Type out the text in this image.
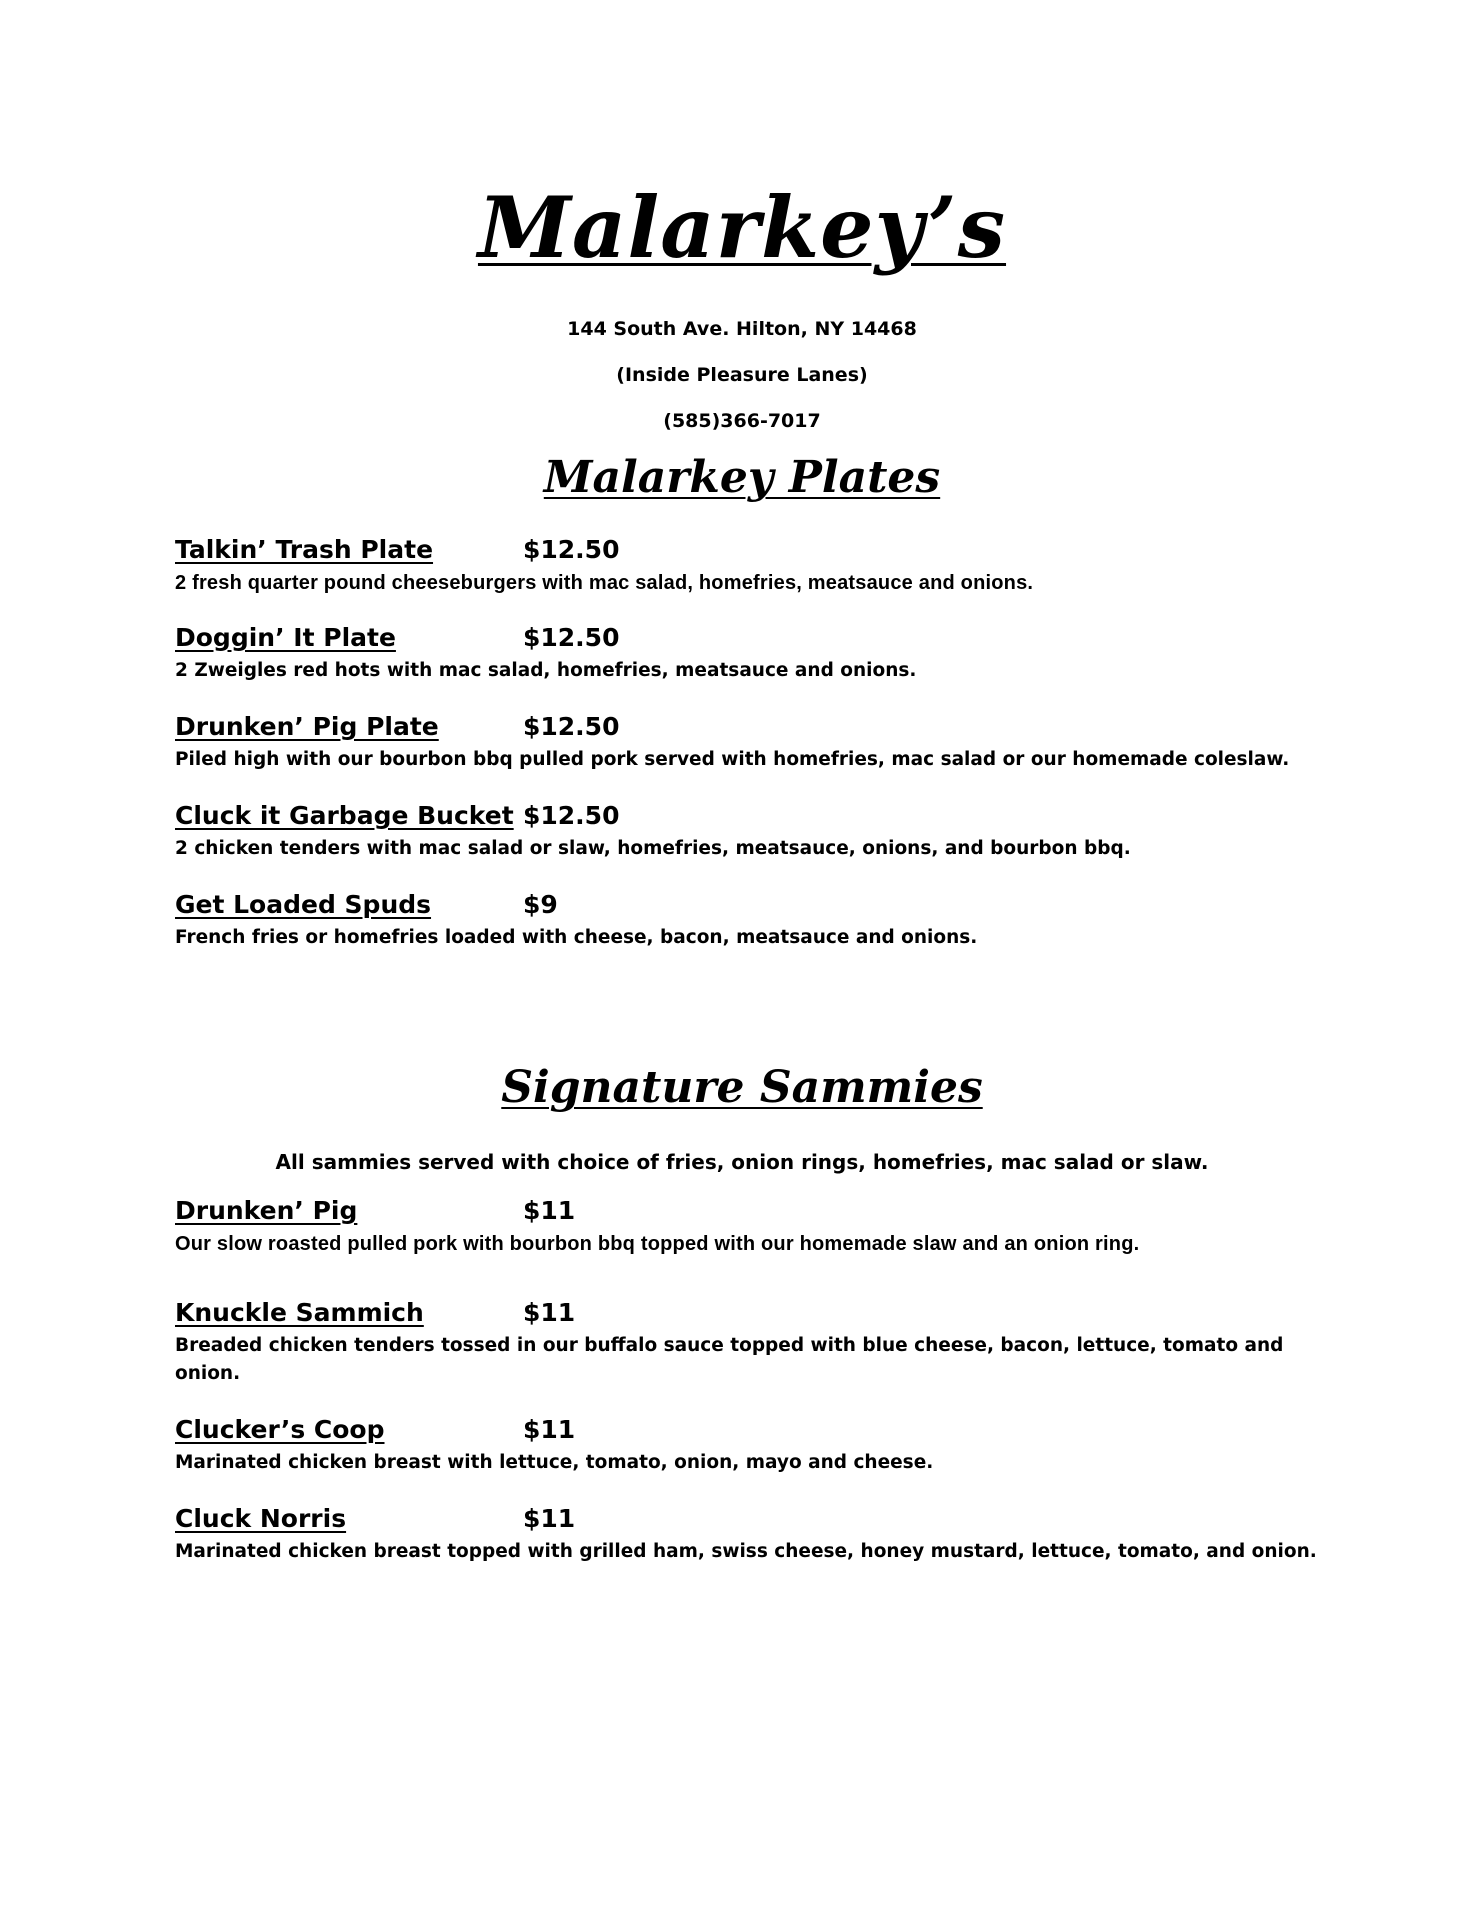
Malarkey’s

144 South Ave. Hilton, NY 14468

(Inside Pleasure Lanes)

(585)366-7017

Malarkey Plates
Talkin’ Trash Plate	$12.50
2 fresh quarter pound cheeseburgers with mac salad, homefries, meatsauce and onions.
Doggin’ It Plate	$12.50
2 Zweigles red hots with mac salad, homefries, meatsauce and onions.
Drunken’ Pig Plate	$12.50
Piled high with our bourbon bbq pulled pork served with homefries, mac salad or our homemade coleslaw.
Cluck it Garbage Bucket $12.50
2 chicken tenders with mac salad or slaw, homefries, meatsauce, onions, and bourbon bbq.
Get Loaded Spuds	$9
French fries or homefries loaded with cheese, bacon, meatsauce and onions.
Signature Sammies

All sammies served with choice of fries, onion rings, homefries, mac salad or slaw.

Drunken’ Pig	$11
Our slow roasted pulled pork with bourbon bbq topped with our homemade slaw and an onion ring.
Knuckle Sammich	$11
Breaded chicken tenders tossed in our buffalo sauce topped with blue cheese, bacon, lettuce, tomato and onion.
Clucker’s Coop	$11
Marinated chicken breast with lettuce, tomato, onion, mayo and cheese.
Cluck Norris	$11
Marinated chicken breast topped with grilled ham, swiss cheese, honey mustard, lettuce, tomato, and onion.
